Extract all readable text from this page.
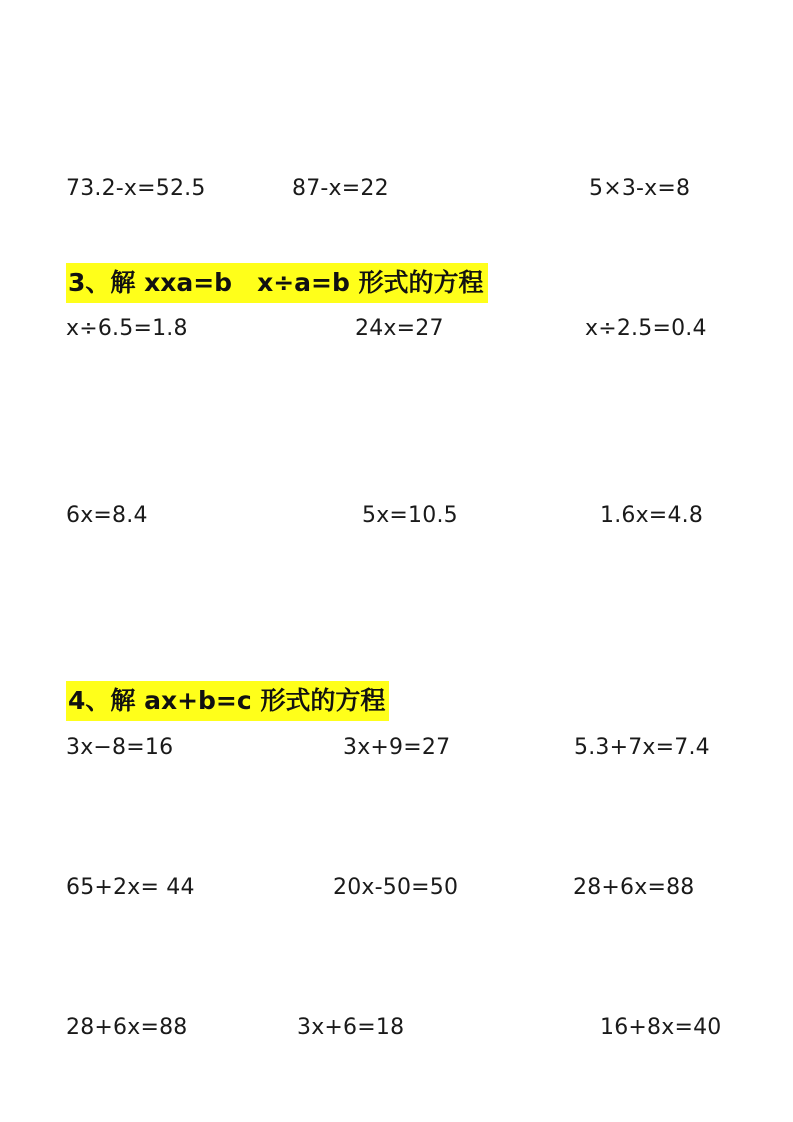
73.2-x=52.5	87-x=22	5×3-x=8
3、解 xxa=b　x÷a=b 形式的方程
x÷6.5=1.8	24x=27	x÷2.5=0.4
6x=8.4	5x=10.5	1.6x=4.8
4、解 ax+b=c 形式的方程
3x−8=16	3x+9=27	5.3+7x=7.4
65+2x= 44	20x-50=50	28+6x=88
28+6x=88	3x+6=18	16+8x=40
